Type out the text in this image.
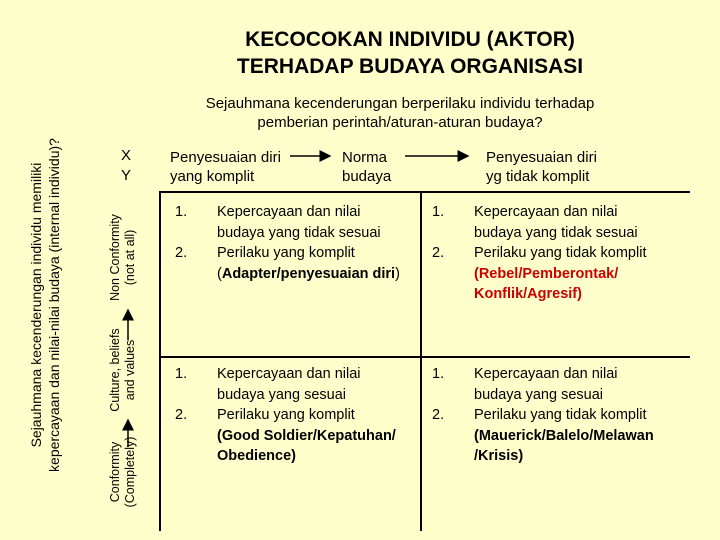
KECOCOKAN INDIVIDU (AKTOR)
TERHADAP BUDAYA ORGANISASI
Sejauhmana kecenderungan berperilaku individu terhadap
pemberian perintah/aturan-aturan budaya?
Sejauhmana kecenderungan individu memiliki kepercayaan dan nilai-nilai budaya (internal individu)?
Conformity (Completely)
Culture, beliefs and values
Non Conformity (not at all)
X
Y
Penyesuaian diri
yang komplit
Norma
budaya
Penyesuaian diri
yg tidak komplit
1.
2.
Kepercayaan dan nilai
budaya yang tidak sesuai
Perilaku yang komplit
(Adapter/penyesuaian diri)
1.
2.
Kepercayaan dan nilai
budaya yang tidak sesuai
Perilaku yang tidak komplit
(Rebel/Pemberontak/
Konflik/Agresif)
1.
2.
Kepercayaan dan nilai
budaya yang sesuai
Perilaku yang komplit
(Good Soldier/Kepatuhan/
Obedience)
1.
2.
Kepercayaan dan nilai
budaya yang sesuai
Perilaku yang tidak komplit
(Mauerick/Balelo/Melawan
/Krisis)
